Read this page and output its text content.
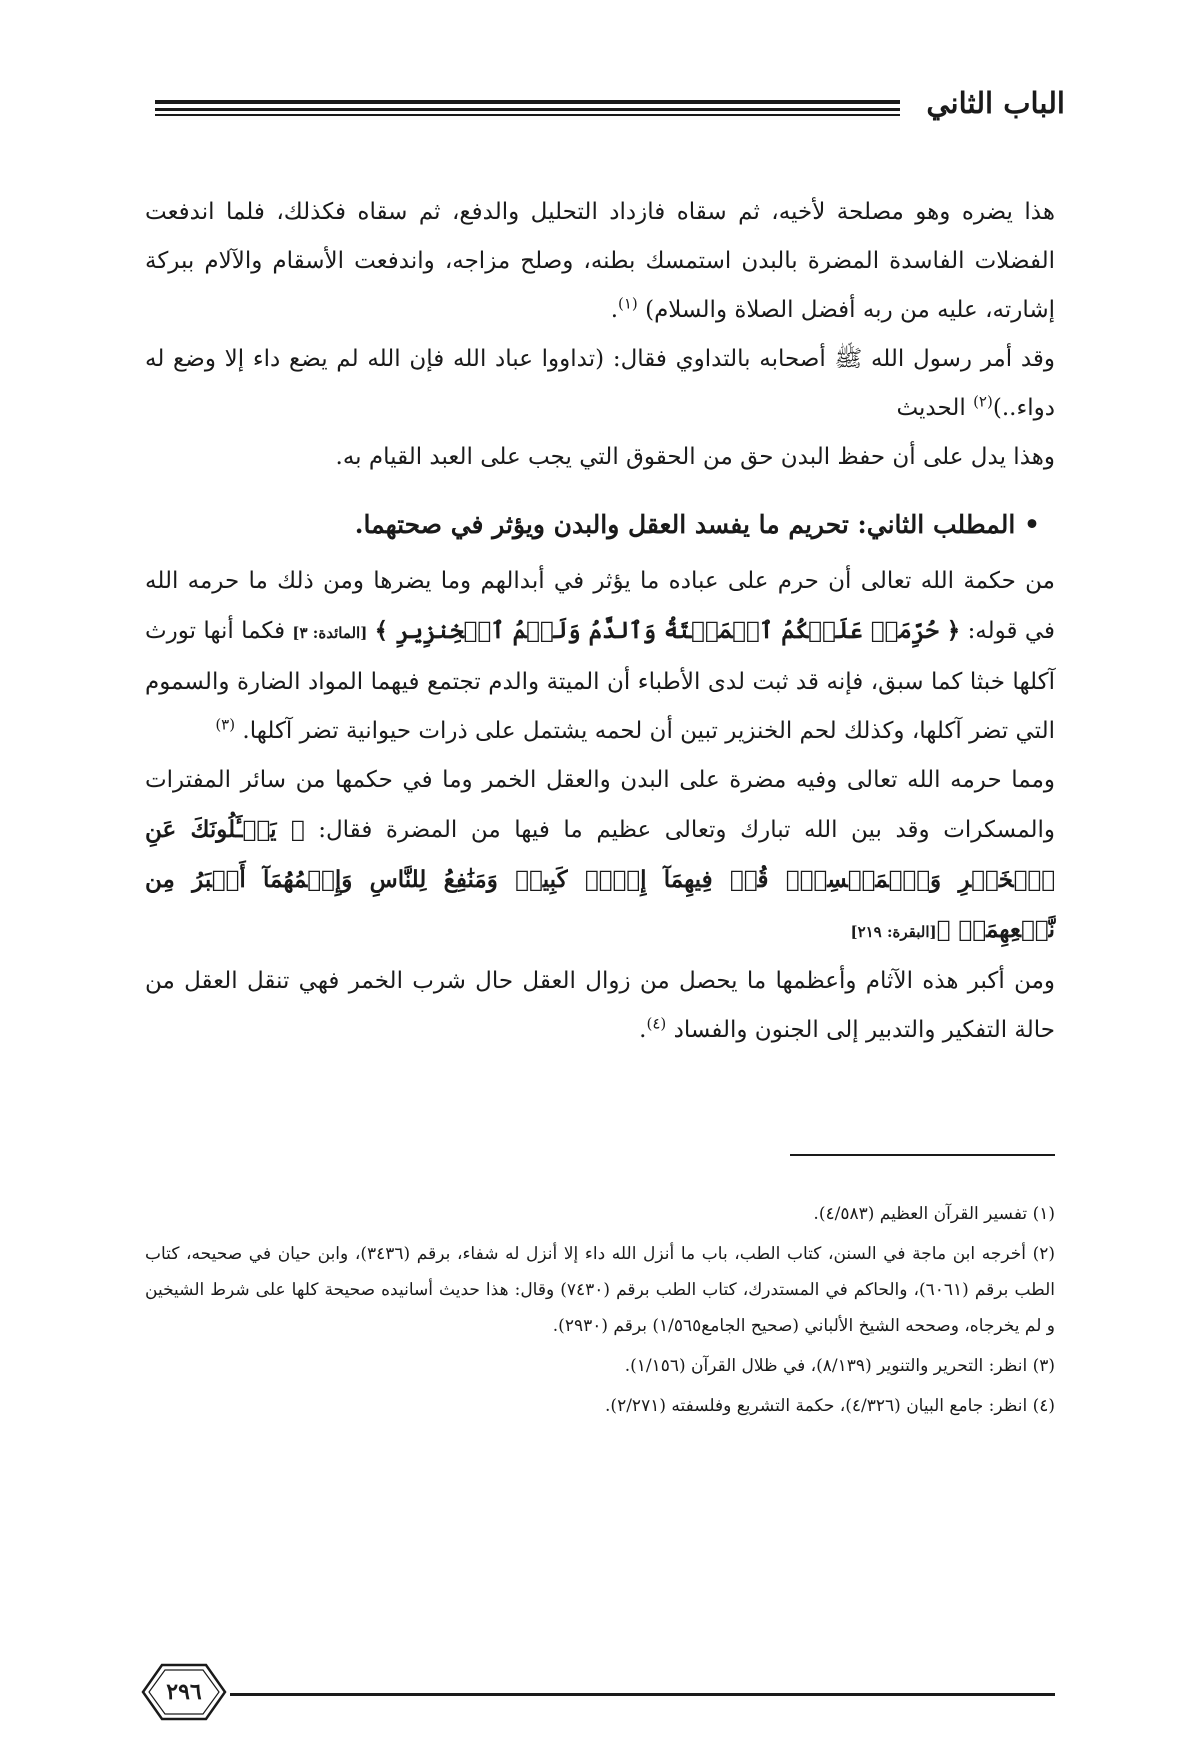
الباب الثاني

هذا يضره وهو مصلحة لأخيه، ثم سقاه فازداد التحليل والدفع، ثم سقاه فكذلك، فلما اندفعت الفضلات الفاسدة المضرة بالبدن استمسك بطنه، وصلح مزاجه، واندفعت الأسقام والآلام ببركة إشارته، عليه من ربه أفضل الصلاة والسلام) $^{(١)}$.

وقد أمر رسول الله ﷺ أصحابه بالتداوي فقال: (تداووا عباد الله فإن الله لم يضع داء إلا وضع له دواء..)$^{(٢)}$ الحديث

وهذا يدل على أن حفظ البدن حق من الحقوق التي يجب على العبد القيام به.

• المطلب الثاني: تحريم ما يفسد العقل والبدن ويؤثر في صحتهما.

من حكمة الله تعالى أن حرم على عباده ما يؤثر في أبدالهم وما يضرها ومن ذلك ما حرمه الله في قوله: ﴿ حُرِّمَتۡ عَلَيۡكُمُ ٱلۡمَيۡتَةُ وَٱلدَّمُ وَلَحۡمُ ٱلۡخِنزِيرِ ﴾ [المائدة: ٣] فكما أنها تورث آكلها خبثا كما سبق، فإنه قد ثبت لدى الأطباء أن الميتة والدم تجتمع فيهما المواد الضارة والسموم التي تضر آكلها، وكذلك لحم الخنزير تبين أن لحمه يشتمل على ذرات حيوانية تضر آكلها. $^{(٣)}$

ومما حرمه الله تعالى وفيه مضرة على البدن والعقل الخمر وما في حكمها من سائر المفترات والمسكرات وقد بين الله تبارك وتعالى عظيم ما فيها من المضرة فقال: ﴿ يَسۡـَٔلُونَكَ عَنِ ٱلۡخَمۡرِ وَٱلۡمَيۡسِرِۖ قُلۡ فِيهِمَآ إِثۡمٞ كَبِيرٞ وَمَنَٰفِعُ لِلنَّاسِ وَإِثۡمُهُمَآ أَكۡبَرُ مِن نَّفۡعِهِمَاۗ ﴾[البقرة: ٢١٩]

ومن أكبر هذه الآثام وأعظمها ما يحصل من زوال العقل حال شرب الخمر فهي تنقل العقل من حالة التفكير والتدبير إلى الجنون والفساد $^{(٤)}$.

(١) تفسير القرآن العظيم (٤/٥٨٣).

(٢) أخرجه ابن ماجة في السنن، كتاب الطب، باب ما أنزل الله داء إلا أنزل له شفاء، برقم (٣٤٣٦)، وابن حيان في صحيحه، كتاب الطب برقم (٦٠٦١)، والحاكم في المستدرك، كتاب الطب برقم (٧٤٣٠) وقال: هذا حديث أسانيده صحيحة كلها على شرط الشيخين و لم يخرجاه، وصححه الشيخ الألباني (صحيح الجامع١/٥٦٥) برقم (٢٩٣٠).

(٣) انظر: التحرير والتنوير (٨/١٣٩)، في ظلال القرآن (١/١٥٦).

(٤) انظر: جامع البيان (٤/٣٢٦)، حكمة التشريع وفلسفته (٢/٢٧١).

٢٩٦
